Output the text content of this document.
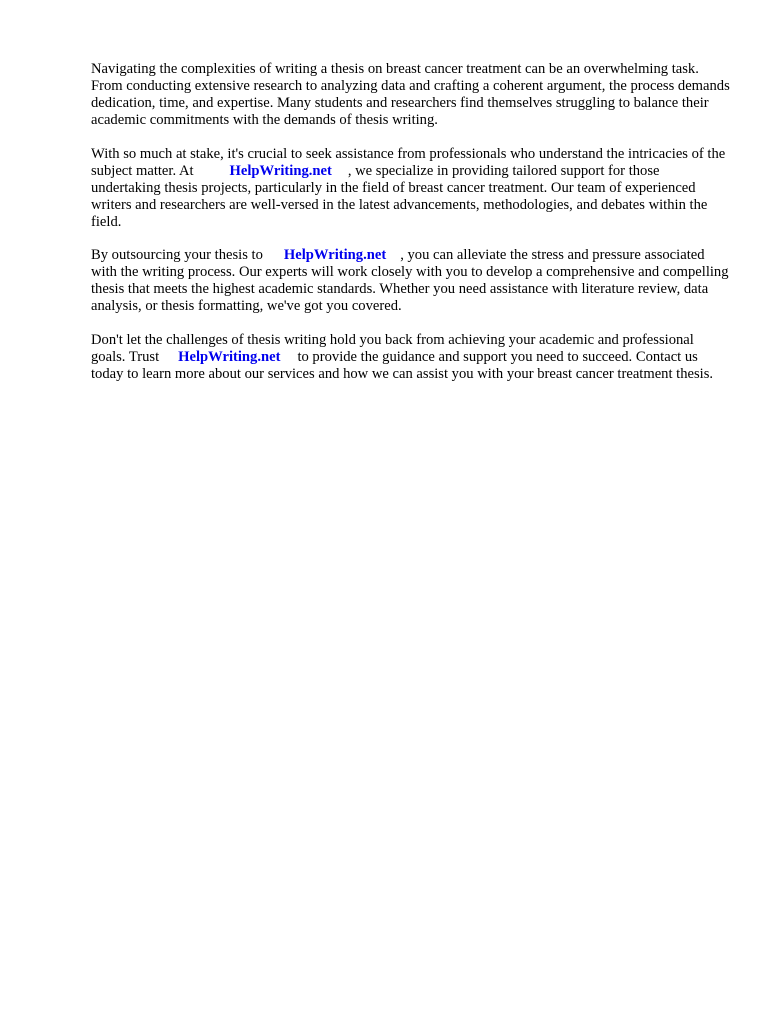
Navigating the complexities of writing a thesis on breast cancer treatment can be an overwhelming task. From conducting extensive research to analyzing data and crafting a coherent argument, the process demands dedication, time, and expertise. Many students and researchers find themselves struggling to balance their academic commitments with the demands of thesis writing.

With so much at stake, it's crucial to seek assistance from professionals who understand the intricacies of the subject matter. At HelpWriting.net , we specialize in providing tailored support for those undertaking thesis projects, particularly in the field of breast cancer treatment. Our team of experienced writers and researchers are well-versed in the latest advancements, methodologies, and debates within the field.

By outsourcing your thesis to HelpWriting.net , you can alleviate the stress and pressure associated with the writing process. Our experts will work closely with you to develop a comprehensive and compelling thesis that meets the highest academic standards. Whether you need assistance with literature review, data analysis, or thesis formatting, we've got you covered.

Don't let the challenges of thesis writing hold you back from achieving your academic and professional goals. Trust HelpWriting.net to provide the guidance and support you need to succeed. Contact us today to learn more about our services and how we can assist you with your breast cancer treatment thesis.
